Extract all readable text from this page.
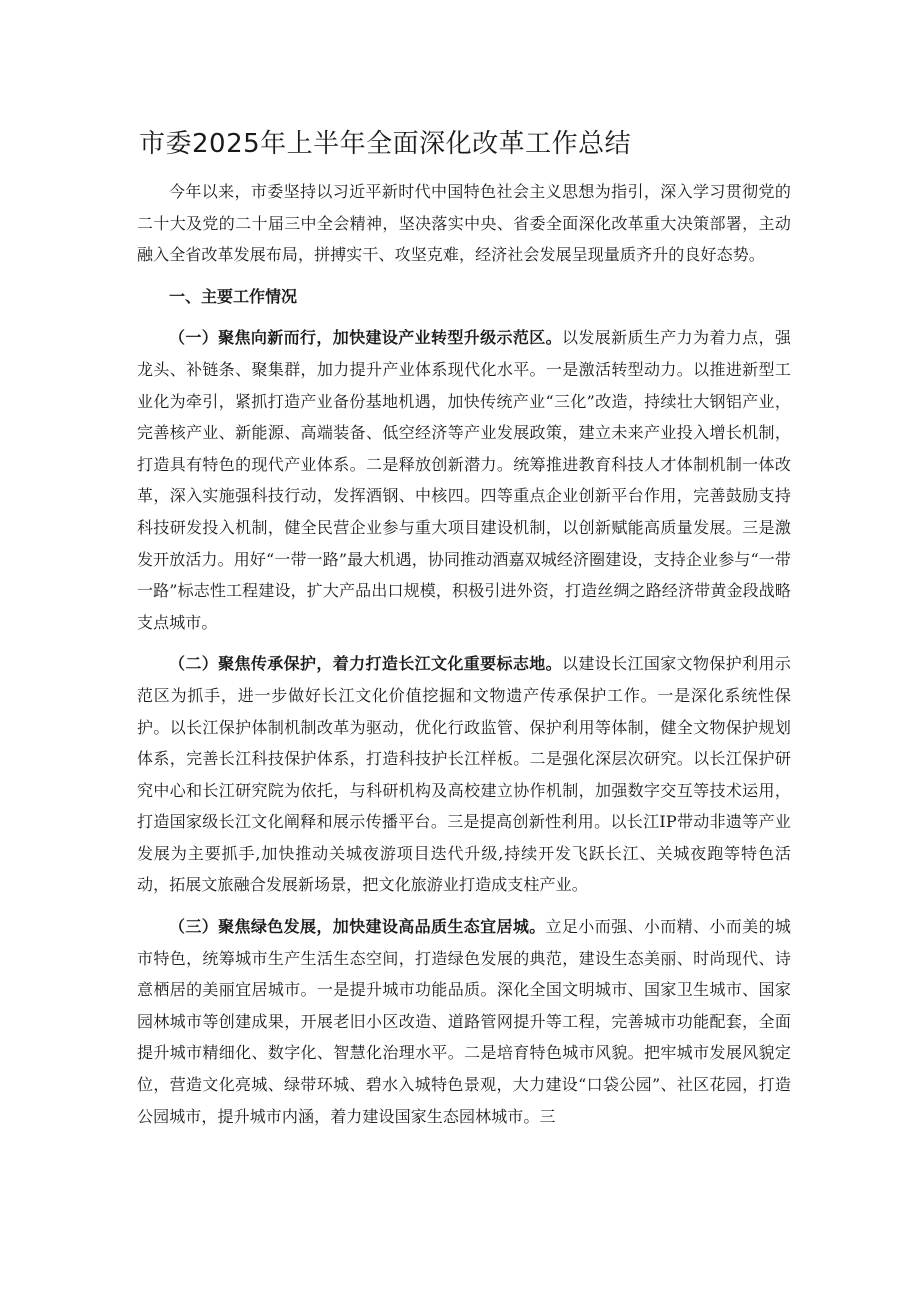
市委2025年上半年全面深化改革工作总结

今年以来，市委坚持以习近平新时代中国特色社会主义思想为指引，深入学习贯彻党的二十大及党的二十届三中全会精神，坚决落实中央、省委全面深化改革重大决策部署，主动融入全省改革发展布局，拼搏实干、攻坚克难，经济社会发展呈现量质齐升的良好态势。

一、主要工作情况

（一）聚焦向新而行，加快建设产业转型升级示范区。以发展新质生产力为着力点，强龙头、补链条、聚集群，加力提升产业体系现代化水平。一是激活转型动力。以推进新型工业化为牵引，紧抓打造产业备份基地机遇，加快传统产业“三化”改造，持续壮大钢铝产业，完善核产业、新能源、高端装备、低空经济等产业发展政策，建立未来产业投入增长机制，打造具有特色的现代产业体系。二是释放创新潜力。统筹推进教育科技人才体制机制一体改革，深入实施强科技行动，发挥酒钢、中核四。四等重点企业创新平台作用，完善鼓励支持科技研发投入机制，健全民营企业参与重大项目建设机制，以创新赋能高质量发展。三是激发开放活力。用好“一带一路”最大机遇，协同推动酒嘉双城经济圈建设，支持企业参与“一带一路”标志性工程建设，扩大产品出口规模，积极引进外资，打造丝绸之路经济带黄金段战略支点城市。

（二）聚焦传承保护，着力打造长江文化重要标志地。以建设长江国家文物保护利用示范区为抓手，进一步做好长江文化价值挖掘和文物遗产传承保护工作。一是深化系统性保护。以长江保护体制机制改革为驱动，优化行政监管、保护利用等体制，健全文物保护规划体系，完善长江科技保护体系，打造科技护长江样板。二是强化深层次研究。以长江保护研究中心和长江研究院为依托，与科研机构及高校建立协作机制，加强数字交互等技术运用，打造国家级长江文化阐释和展示传播平台。三是提高创新性利用。以长江IP带动非遗等产业发展为主要抓手,加快推动关城夜游项目迭代升级,持续开发飞跃长江、关城夜跑等特色活动，拓展文旅融合发展新场景，把文化旅游业打造成支柱产业。

（三）聚焦绿色发展，加快建设高品质生态宜居城。立足小而强、小而精、小而美的城市特色，统筹城市生产生活生态空间，打造绿色发展的典范，建设生态美丽、时尚现代、诗意栖居的美丽宜居城市。一是提升城市功能品质。深化全国文明城市、国家卫生城市、国家园林城市等创建成果，开展老旧小区改造、道路管网提升等工程，完善城市功能配套，全面提升城市精细化、数字化、智慧化治理水平。二是培育特色城市风貌。把牢城市发展风貌定位，营造文化亮城、绿带环城、碧水入城特色景观，大力建设“口袋公园”、社区花园，打造公园城市，提升城市内涵，着力建设国家生态园林城市。三
